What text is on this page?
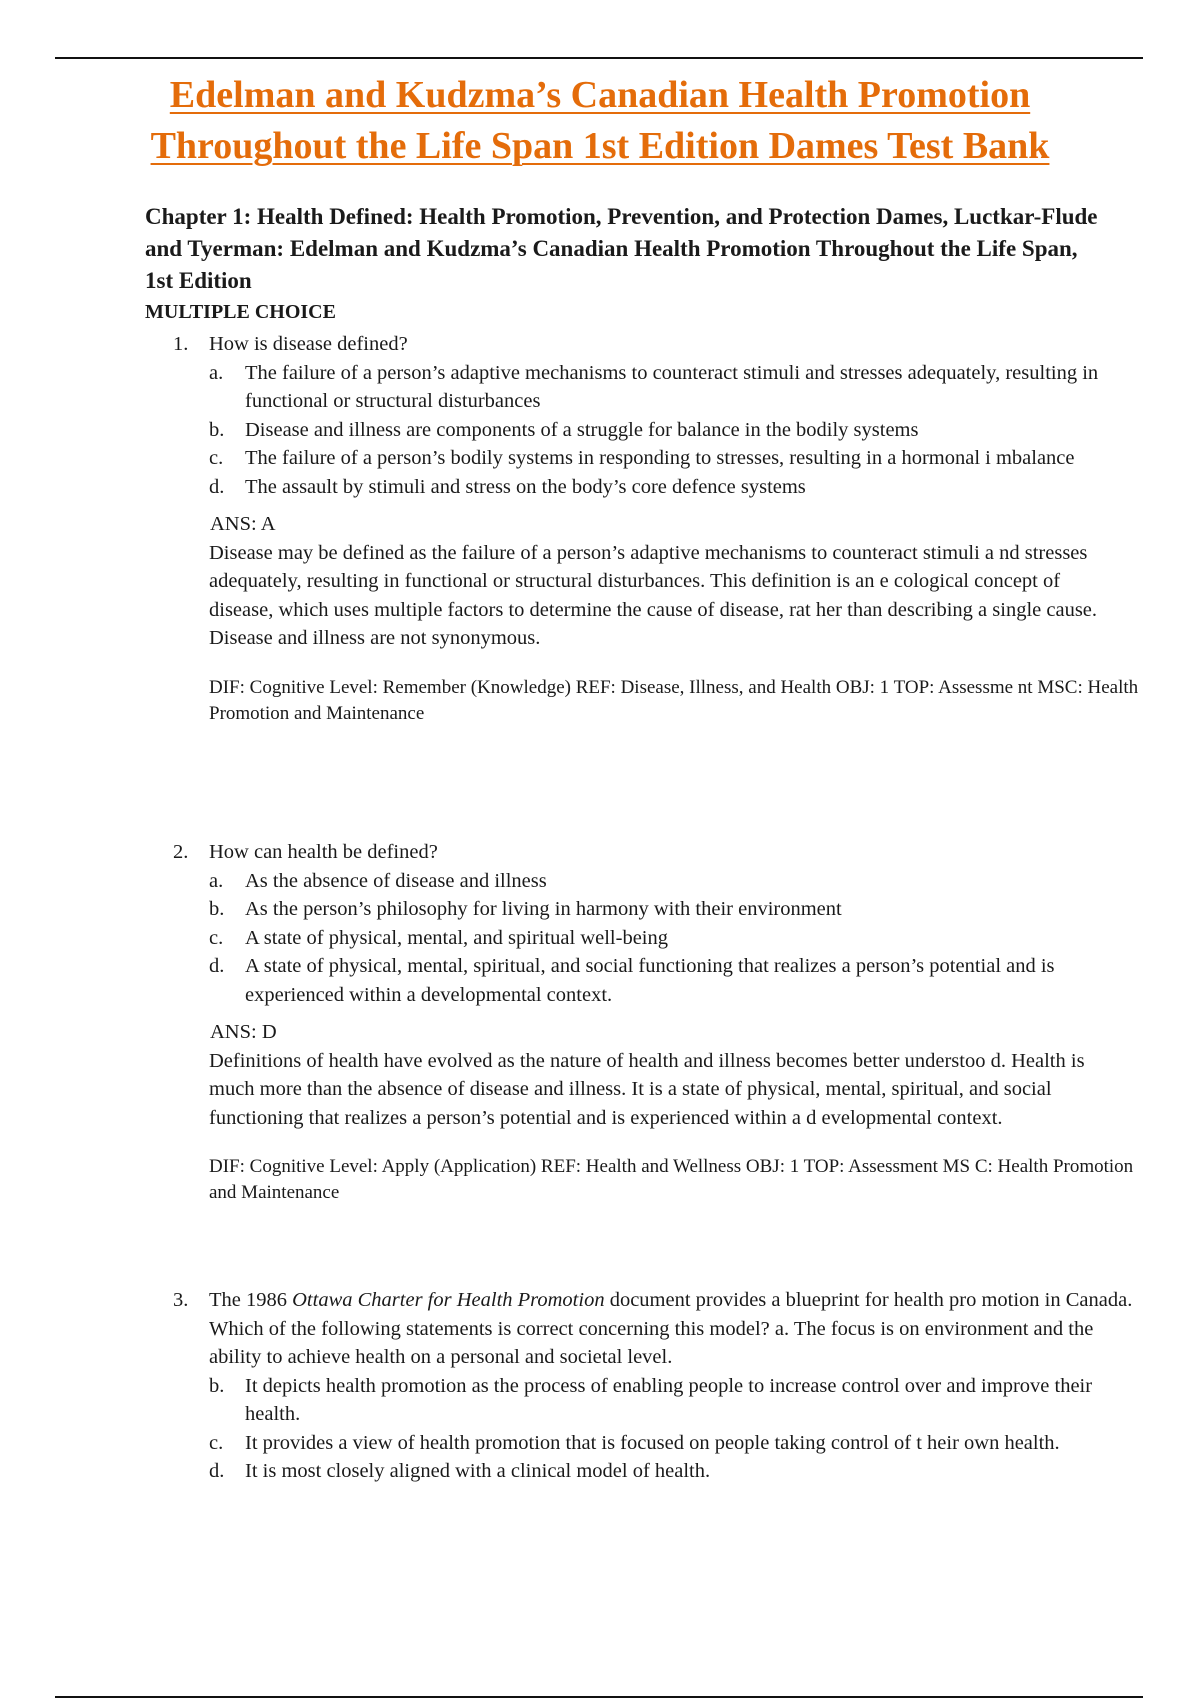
Edelman and Kudzma’s Canadian Health Promotion
Throughout the Life Span 1st Edition Dames Test Bank
Chapter 1: Health Defined: Health Promotion, Prevention, and Protection Dames, Luctkar-Flude and Tyerman: Edelman and Kudzma’s Canadian Health Promotion Throughout the Life Span, 1st Edition
MULTIPLE CHOICE
1. How is disease defined?
a. The failure of a person’s adaptive mechanisms to counteract stimuli and stresses adequately, resulting in functional or structural disturbances
b. Disease and illness are components of a struggle for balance in the bodily systems
c. The failure of a person’s bodily systems in responding to stresses, resulting in a hormonal i mbalance
d. The assault by stimuli and stress on the body’s core defence systems
ANS: A
Disease may be defined as the failure of a person’s adaptive mechanisms to counteract stimuli a nd stresses adequately, resulting in functional or structural disturbances. This definition is an e cological concept of disease, which uses multiple factors to determine the cause of disease, rat her than describing a single cause. Disease and illness are not synonymous.
DIF: Cognitive Level: Remember (Knowledge) REF: Disease, Illness, and Health OBJ: 1 TOP: Assessme nt MSC: Health Promotion and Maintenance
2. How can health be defined?
a. As the absence of disease and illness
b. As the person’s philosophy for living in harmony with their environment
c. A state of physical, mental, and spiritual well-being
d. A state of physical, mental, spiritual, and social functioning that realizes a person’s potential and is experienced within a developmental context.
ANS: D
Definitions of health have evolved as the nature of health and illness becomes better understoo d. Health is much more than the absence of disease and illness. It is a state of physical, mental, spiritual, and social functioning that realizes a person’s potential and is experienced within a d evelopmental context.
DIF: Cognitive Level: Apply (Application) REF: Health and Wellness OBJ: 1 TOP: Assessment MS C: Health Promotion and Maintenance
3. The 1986 Ottawa Charter for Health Promotion document provides a blueprint for health pro motion in Canada. Which of the following statements is correct concerning this model? a. The focus is on environment and the ability to achieve health on a personal and societal level.
b. It depicts health promotion as the process of enabling people to increase control over and improve their health.
c. It provides a view of health promotion that is focused on people taking control of t heir own health.
d. It is most closely aligned with a clinical model of health.
